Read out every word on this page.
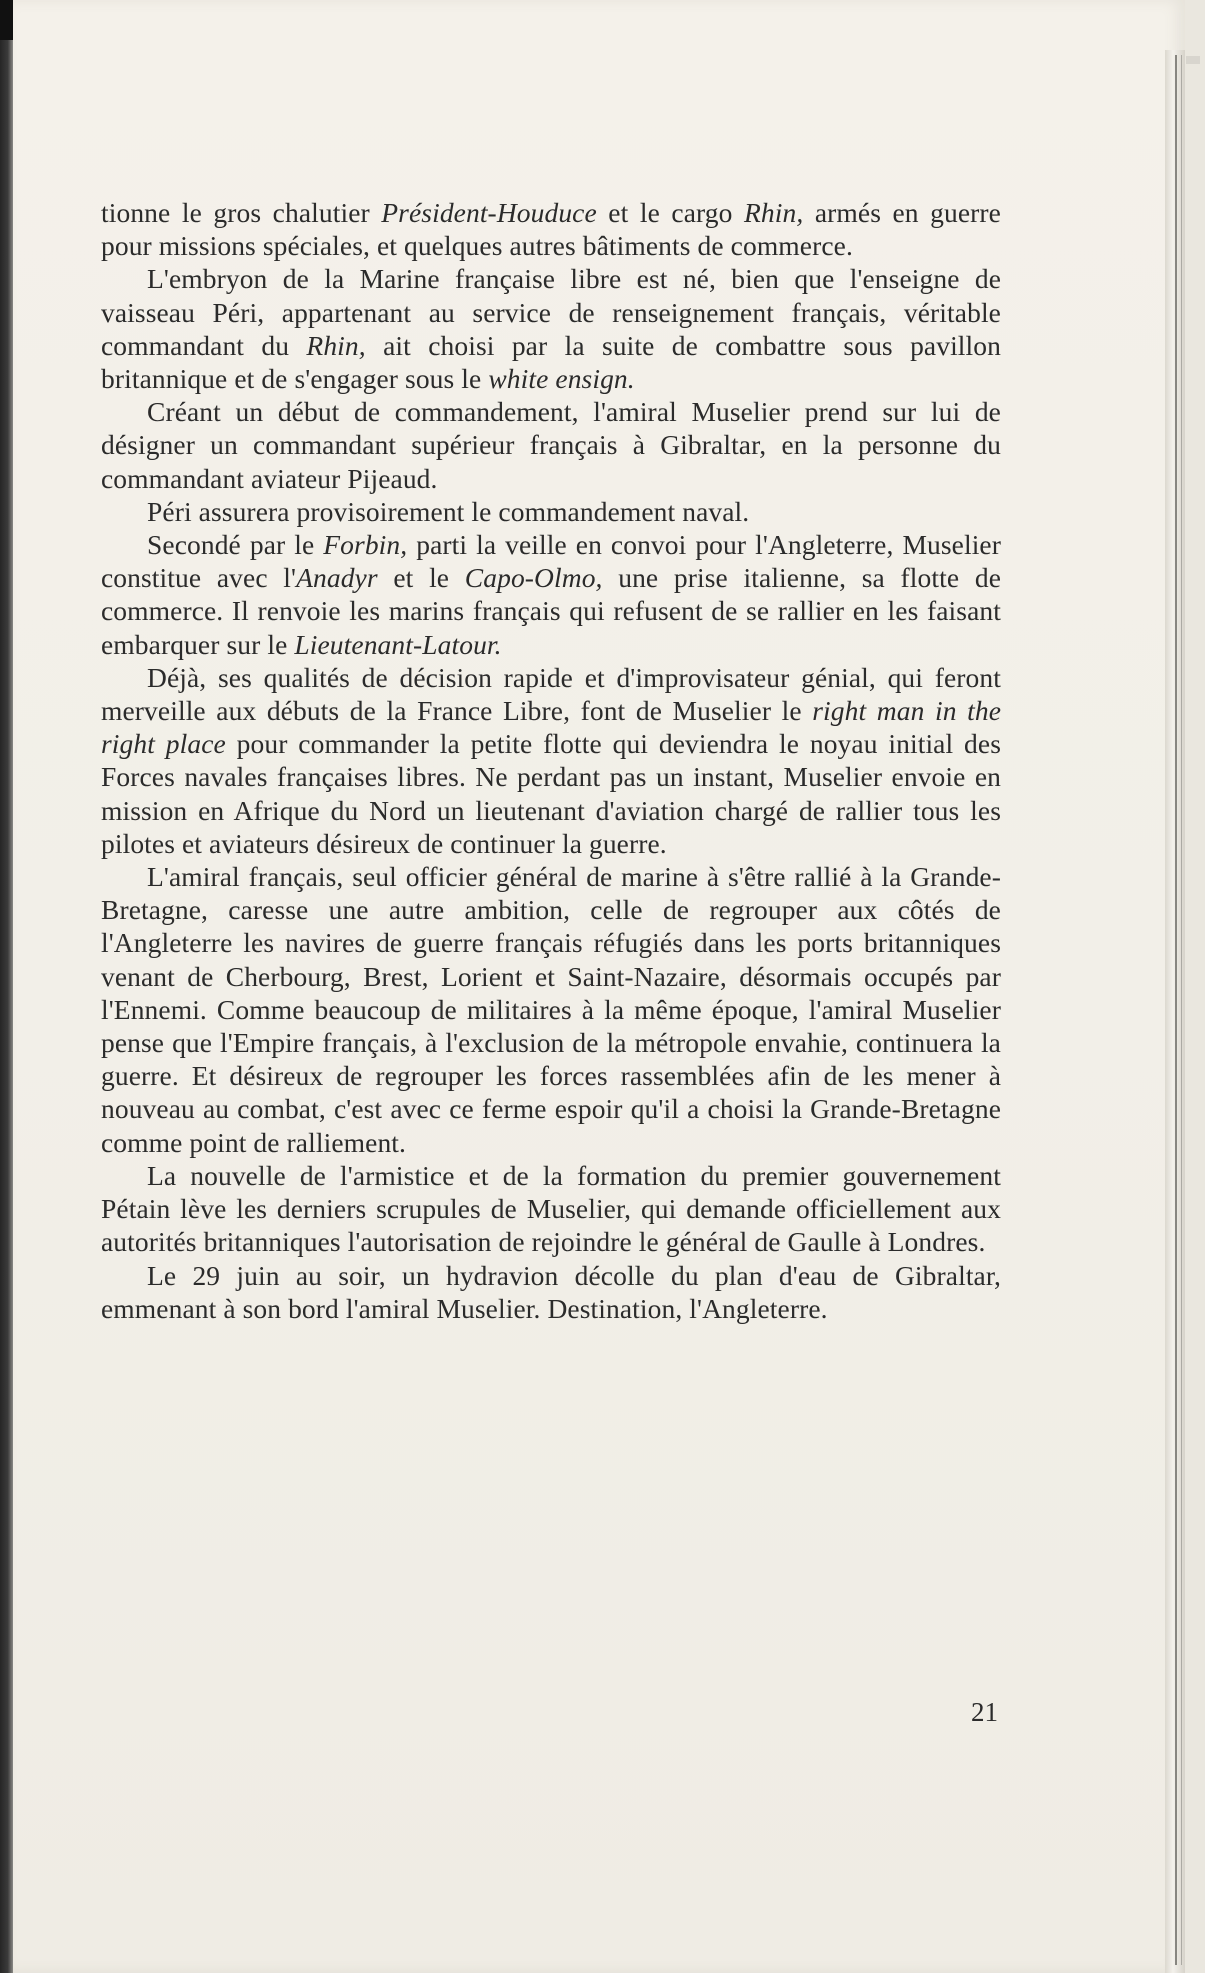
tionne le gros chalutier Président-Houduce et le cargo Rhin, armés en guerre pour missions spéciales, et quelques autres bâtiments de commerce.

L'embryon de la Marine française libre est né, bien que l'enseigne de vaisseau Péri, appartenant au service de renseignement français, véritable commandant du Rhin, ait choisi par la suite de combattre sous pavillon britannique et de s'engager sous le white ensign.

Créant un début de commandement, l'amiral Muselier prend sur lui de désigner un commandant supérieur français à Gibraltar, en la personne du commandant aviateur Pijeaud.

Péri assurera provisoirement le commandement naval.

Secondé par le Forbin, parti la veille en convoi pour l'Angleterre, Muselier constitue avec l'Anadyr et le Capo-Olmo, une prise italienne, sa flotte de commerce. Il renvoie les marins français qui refusent de se rallier en les faisant embarquer sur le Lieutenant-Latour.

Déjà, ses qualités de décision rapide et d'improvisateur génial, qui feront merveille aux débuts de la France Libre, font de Muselier le right man in the right place pour commander la petite flotte qui deviendra le noyau initial des Forces navales françaises libres. Ne perdant pas un instant, Muselier envoie en mission en Afrique du Nord un lieutenant d'aviation chargé de rallier tous les pilotes et aviateurs désireux de continuer la guerre.

L'amiral français, seul officier général de marine à s'être rallié à la Grande-Bretagne, caresse une autre ambition, celle de regrouper aux côtés de l'Angleterre les navires de guerre français réfugiés dans les ports britanniques venant de Cherbourg, Brest, Lorient et Saint-Nazaire, désormais occupés par l'Ennemi. Comme beaucoup de militaires à la même époque, l'amiral Muselier pense que l'Empire français, à l'exclusion de la métropole envahie, continuera la guerre. Et désireux de regrouper les forces rassemblées afin de les mener à nouveau au combat, c'est avec ce ferme espoir qu'il a choisi la Grande-Bretagne comme point de ralliement.

La nouvelle de l'armistice et de la formation du premier gouvernement Pétain lève les derniers scrupules de Muselier, qui demande officiellement aux autorités britanniques l'autorisation de rejoindre le général de Gaulle à Londres.

Le 29 juin au soir, un hydravion décolle du plan d'eau de Gibraltar, emmenant à son bord l'amiral Muselier. Destination, l'Angleterre.

21
